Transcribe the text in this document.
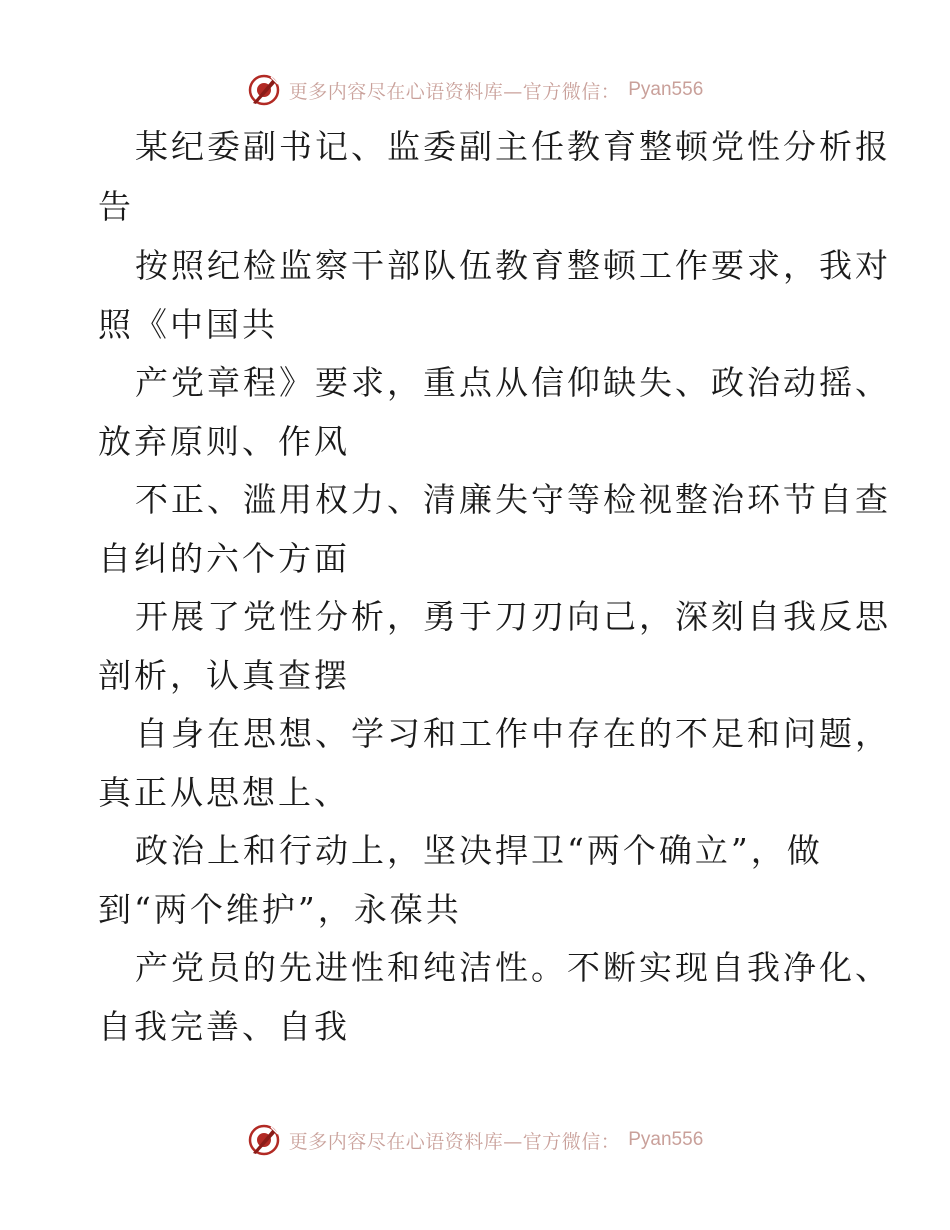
更多内容尽在心语资料库—官方微信： Pyan556
某纪委副书记、监委副主任教育整顿党性分析报
告
按照纪检监察干部队伍教育整顿工作要求，我对
照《中国共
产党章程》要求，重点从信仰缺失、政治动摇、
放弃原则、作风
不正、滥用权力、清廉失守等检视整治环节自查
自纠的六个方面
开展了党性分析，勇于刀刃向己，深刻自我反思
剖析，认真查摆
自身在思想、学习和工作中存在的不足和问题，
真正从思想上、
政治上和行动上，坚决捍卫“两个确立”，做
到“两个维护”，永葆共
产党员的先进性和纯洁性。不断实现自我净化、
自我完善、自我
更多内容尽在心语资料库—官方微信： Pyan556
